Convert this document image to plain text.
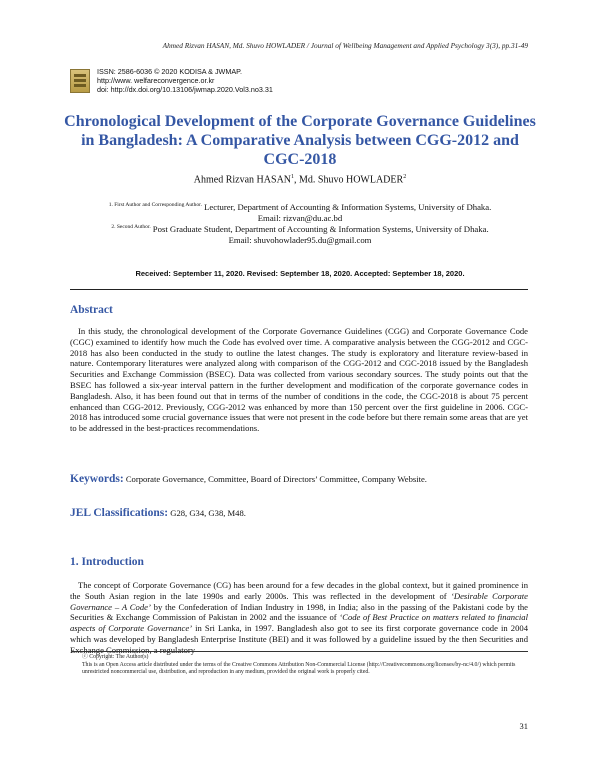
Ahmed Rizvan HASAN, Md. Shuvo HOWLADER / Journal of Wellbeing Management and Applied Psychology 3(3), pp.31-49
ISSN: 2586-6036 © 2020 KODISA & JWMAP.
http://www. welfareconvergence.or.kr
doi: http://dx.doi.org/10.13106/jwmap.2020.Vol3.no3.31
Chronological Development of the Corporate Governance Guidelines in Bangladesh: A Comparative Analysis between CGG-2012 and CGC-2018
Ahmed Rizvan HASAN$^1$, Md. Shuvo HOWLADER$^2$
$^{1. First Author and Corresponding Author.}$ Lecturer, Department of Accounting & Information Systems, University of Dhaka.
Email: rizvan@du.ac.bd
$^{2. Second Author.}$ Post Graduate Student, Department of Accounting & Information Systems, University of Dhaka.
Email: shuvohowlader95.du@gmail.com
Received: September 11, 2020. Revised: September 18, 2020. Accepted: September 18, 2020.
Abstract
In this study, the chronological development of the Corporate Governance Guidelines (CGG) and Corporate Governance Code (CGC) examined to identify how much the Code has evolved over time. A comparative analysis between the CGG-2012 and CGC-2018 has also been conducted in the study to outline the latest changes. The study is exploratory and literature review-based in nature. Contemporary literatures were analyzed along with comparison of the CGG-2012 and CGC-2018 issued by the Bangladesh Securities and Exchange Commission (BSEC). Data was collected from various secondary sources. The study points out that the BSEC has followed a six-year interval pattern in the further development and modification of the corporate governance codes in Bangladesh. Also, it has been found out that in terms of the number of conditions in the code, the CGC-2018 is about 75 percent enhanced than CGG-2012. Previously, CGG-2012 was enhanced by more than 150 percent over the first guideline in 2006. CGC-2018 has introduced some crucial governance issues that were not present in the code before but there remain some areas that are yet to be addressed in the best-practices recommendations.
Keywords: Corporate Governance, Committee, Board of Directors’ Committee, Company Website.
JEL Classifications: G28, G34, G38, M48.
1. Introduction
The concept of Corporate Governance (CG) has been around for a few decades in the global context, but it gained prominence in the South Asian region in the late 1990s and early 2000s. This was reflected in the development of ‘Desirable Corporate Governance – A Code’ by the Confederation of Indian Industry in 1998, in India; also in the passing of the Pakistani code by the Securities & Exchange Commission of Pakistan in 2002 and the issuance of ‘Code of Best Practice on matters related to financial aspects of Corporate Governance’ in Sri Lanka, in 1997. Bangladesh also got to see its first corporate governance code in 2004 which was developed by Bangladesh Enterprise Institute (BEI) and it was followed by a guideline issued by the then Securities and Exchange Commission, a regulatory
ⓒ Copyright: The Author(s)
This is an Open Access article distributed under the terms of the Creative Commons Attribution Non-Commercial License (http://Creativecommons.org/licenses/by-nc/4.0/) which permits unrestricted noncommercial use, distribution, and reproduction in any medium, provided the original work is properly cited.
31
